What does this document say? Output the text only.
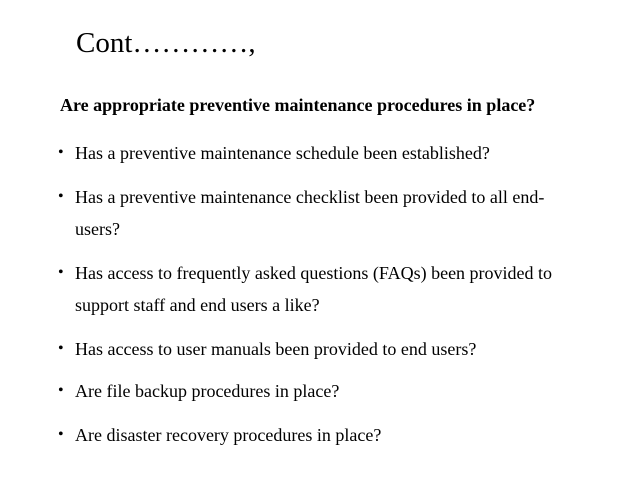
Cont…………,
Are appropriate preventive maintenance procedures in place?
• Has a preventive maintenance schedule been established?
• Has a preventive maintenance checklist been provided to all end-
users?
• Has access to frequently asked questions (FAQs) been provided to
support staff and end users a like?
• Has access to user manuals been provided to end users?
• Are file backup procedures in place?
• Are disaster recovery procedures in place?
